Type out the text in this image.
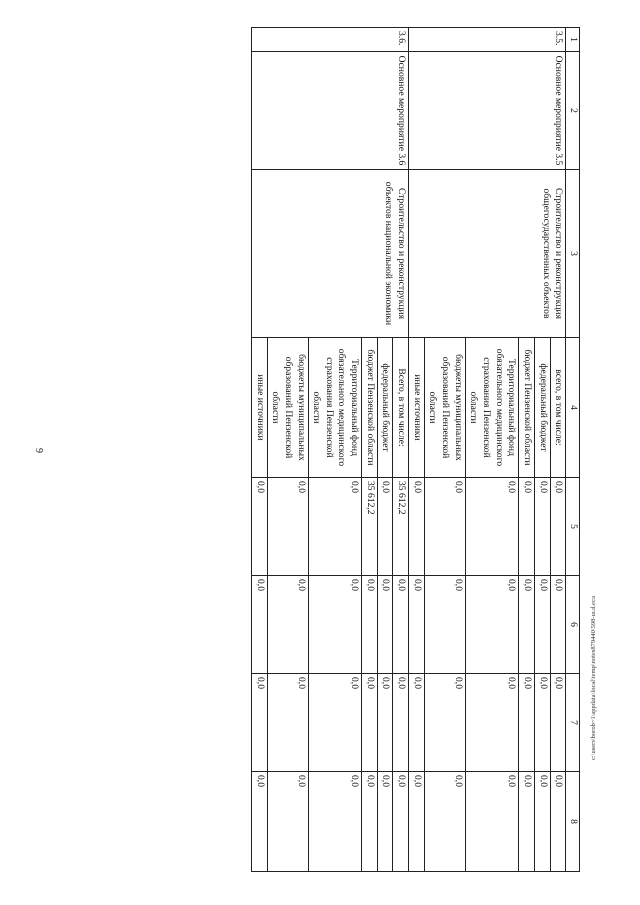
9
c:\users\borob~1\appdata\local\temp\notes879440\598-ш.d.еса
1	2	3	4	5	6	7	8
3.5.	Основное мероприятие 3.5	Строительство и реконструкция общегосударственных объектов	всего, в том числе:	0,0	0,0	0,0	0,0
			федеральный бюджет	0,0	0,0	0,0	0,0
			бюджет Пензенской области	0,0	0,0	0,0	0,0
			Территориальный фонд обязательного медицинского страхования Пензенской области	0,0	0,0	0,0	0,0
			бюджеты муниципальных образований Пензенской области	0,0	0,0	0,0	0,0
			иные источники	0,0	0,0	0,0	0,0
3.6.	Основное мероприятие 3.6	Строительство и реконструкция объектов национальной экономики	Всего, в том числе:	35 612,2	0,0	0,0	0,0
			федеральный бюджет	0,0	0,0	0,0	0,0
			бюджет Пензенской области	35 612,2	0,0	0,0	0,0
			Территориальный фонд обязательного медицинского страхования Пензенской области	0,0	0,0	0,0	0,0
			бюджеты муниципальных образований Пензенской области	0,0	0,0	0,0	0,0
			иные источники	0,0	0,0	0,0	0,0
